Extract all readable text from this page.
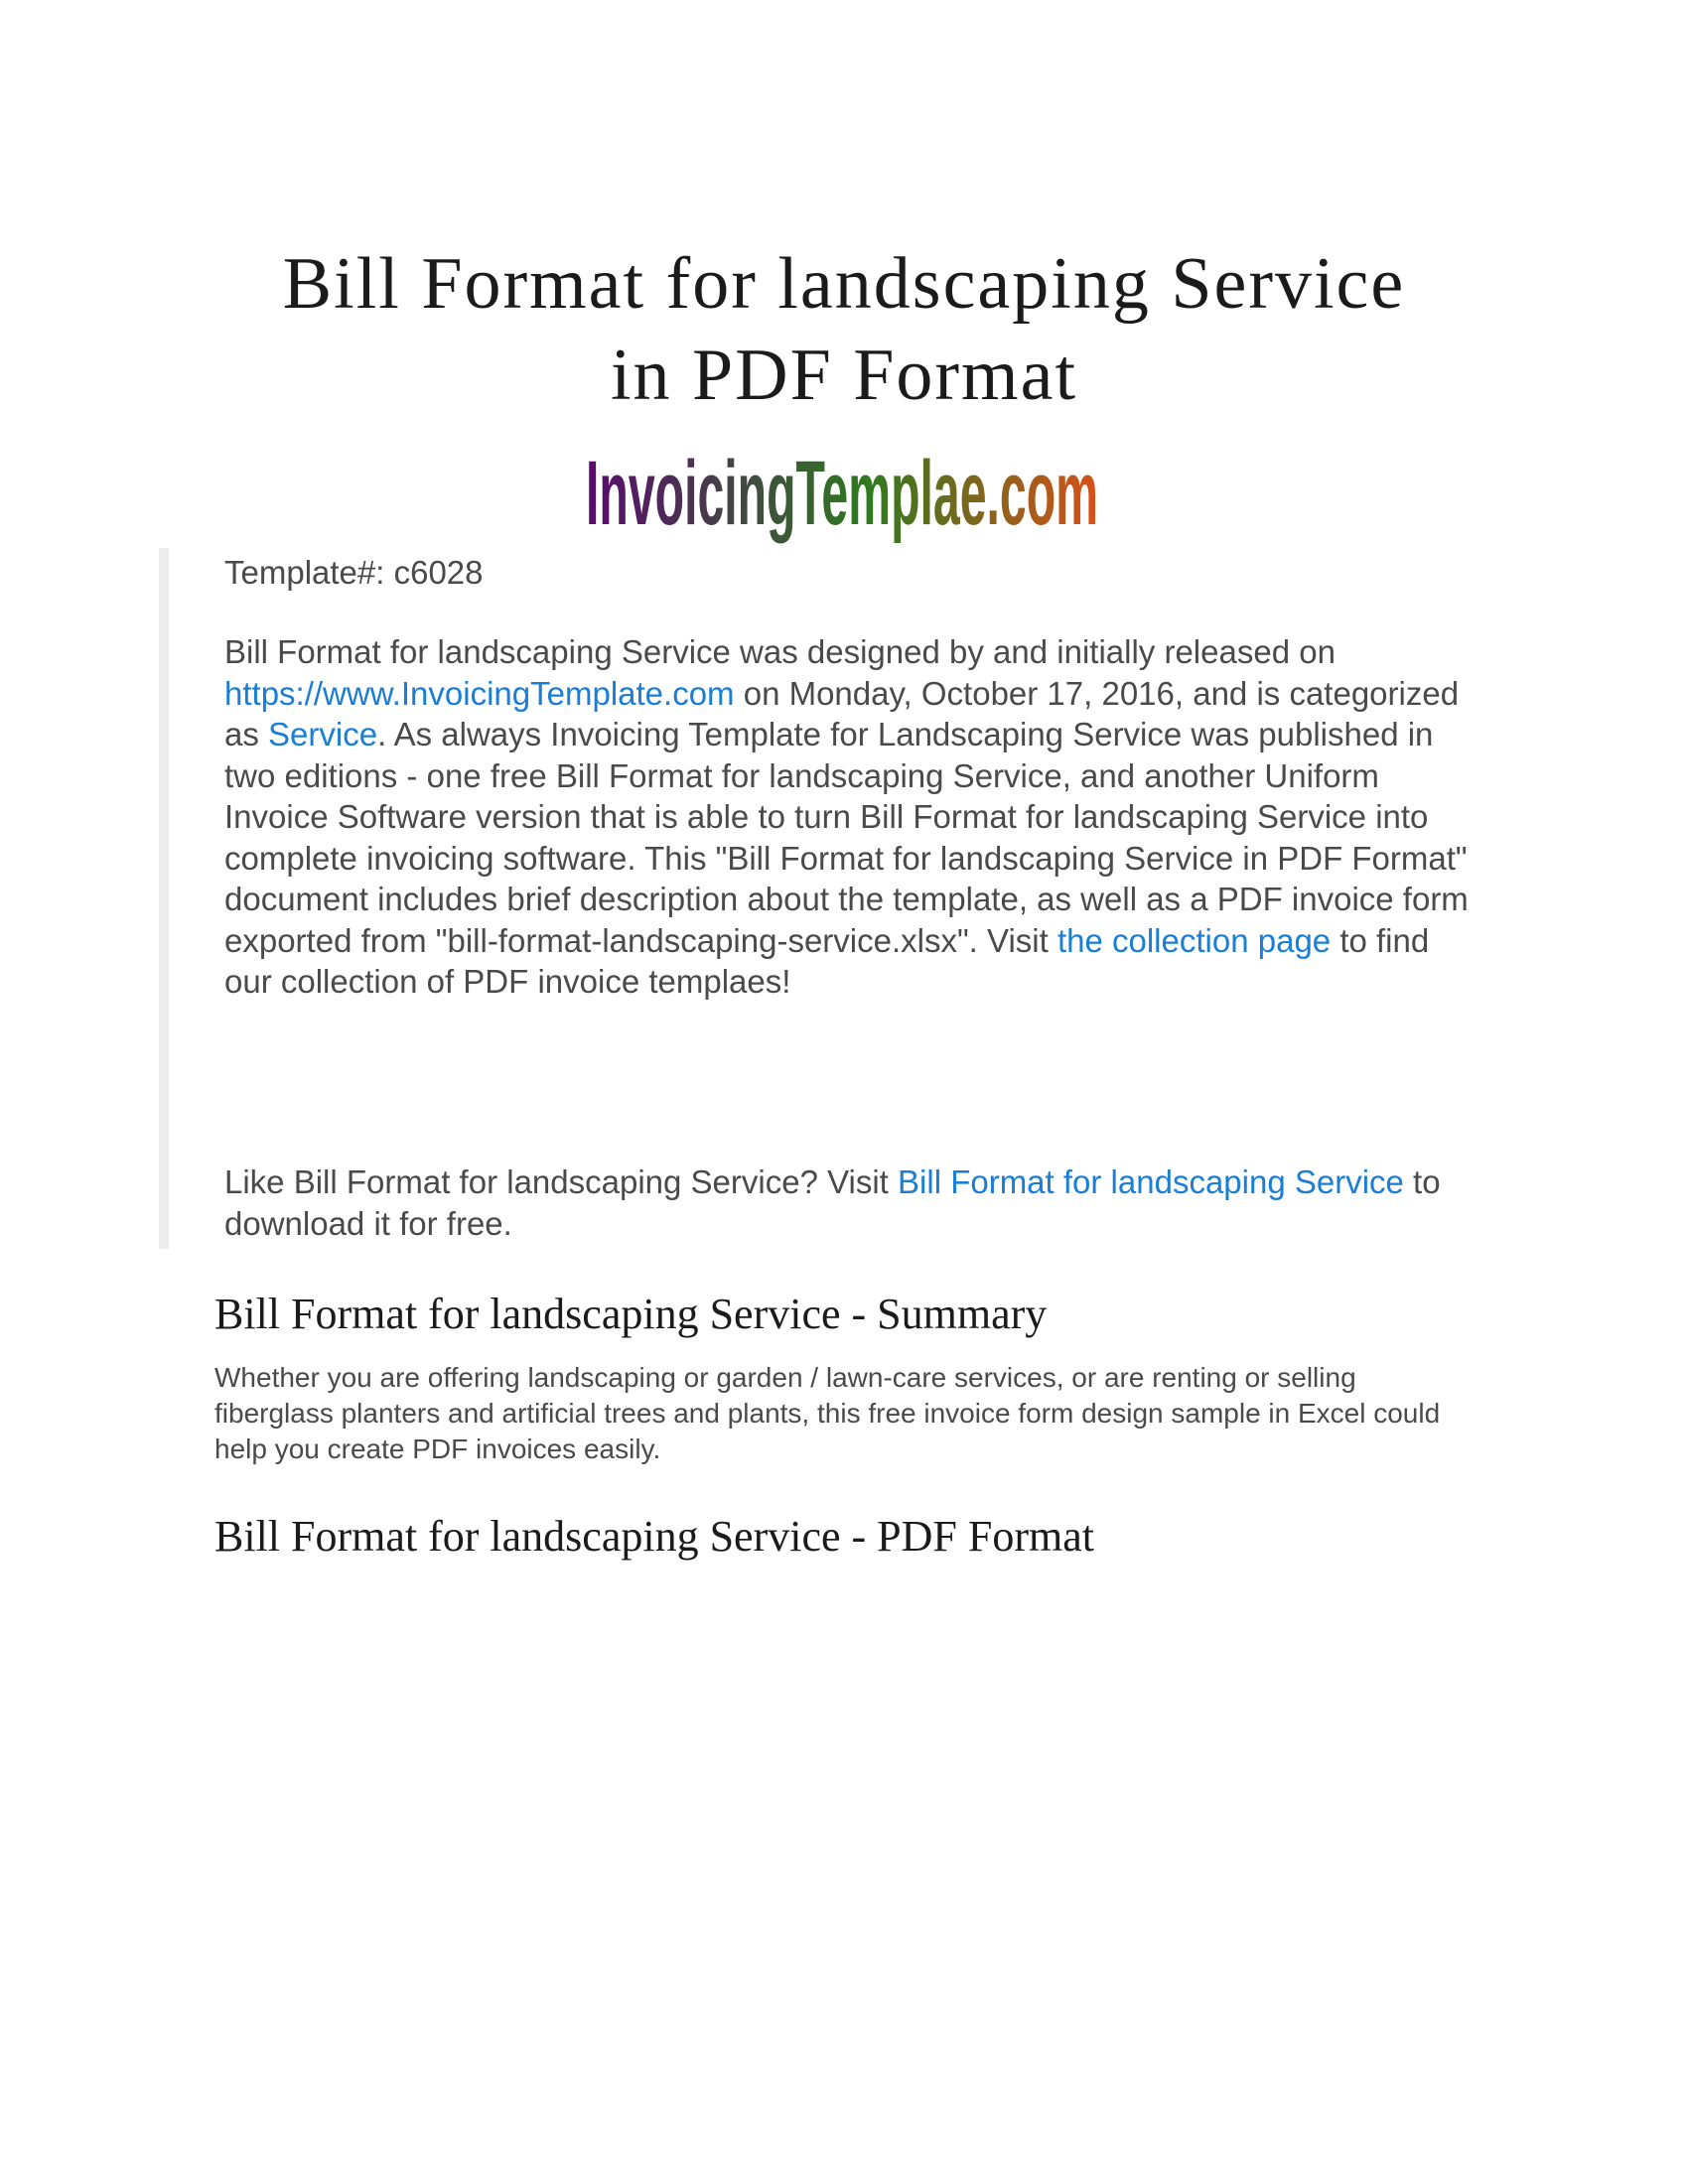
Bill Format for landscaping Service
in PDF Format
InvoicingTemplae.com

Template#: c6028

Bill Format for landscaping Service was designed by and initially released on https://www.InvoicingTemplate.com on Monday, October 17, 2016, and is categorized as Service. As always Invoicing Template for Landscaping Service was published in two editions - one free Bill Format for landscaping Service, and another Uniform Invoice Software version that is able to turn Bill Format for landscaping Service into complete invoicing software. This "Bill Format for landscaping Service in PDF Format" document includes brief description about the template, as well as a PDF invoice form exported from "bill-format-landscaping-service.xlsx". Visit the collection page to find our collection of PDF invoice templaes!

Like Bill Format for landscaping Service? Visit Bill Format for landscaping Service to download it for free.

Bill Format for landscaping Service - Summary

Whether you are offering landscaping or garden / lawn-care services, or are renting or selling fiberglass planters and artificial trees and plants, this free invoice form design sample in Excel could help you create PDF invoices easily.

Bill Format for landscaping Service - PDF Format
